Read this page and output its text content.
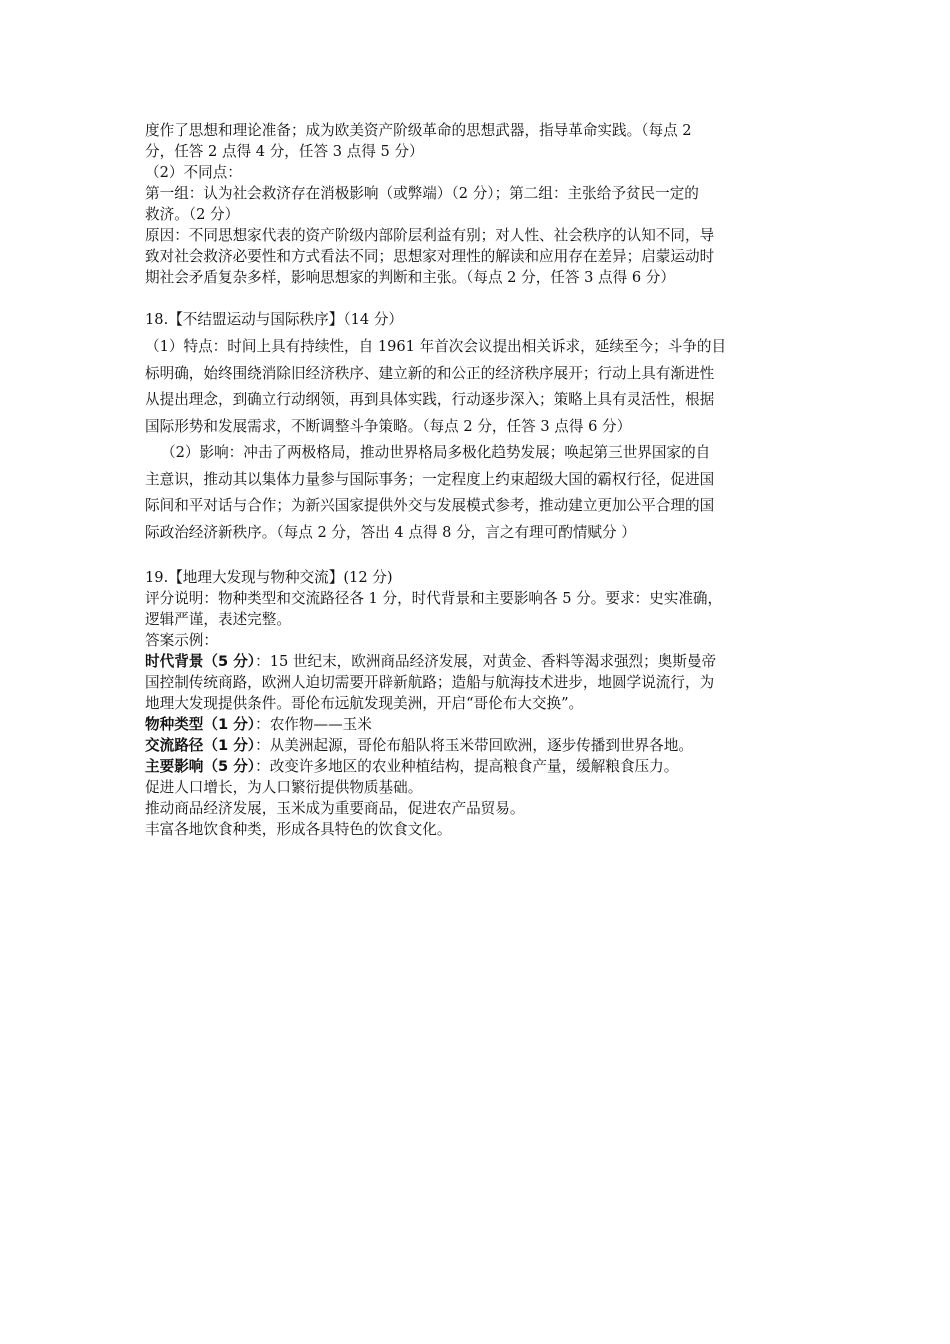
度作了思想和理论准备；成为欧美资产阶级革命的思想武器，指导革命实践。（每点 2
分，任答 2 点得 4 分，任答 3 点得 5 分）
（2）不同点：
第一组：认为社会救济存在消极影响（或弊端）（2 分）；第二组：主张给予贫民一定的
救济。（2 分）
原因：不同思想家代表的资产阶级内部阶层利益有别；对人性、社会秩序的认知不同，导
致对社会救济必要性和方式看法不同；思想家对理性的解读和应用存在差异；启蒙运动时
期社会矛盾复杂多样，影响思想家的判断和主张。（每点 2 分，任答 3 点得 6 分）
18.【不结盟运动与国际秩序】（14 分）
（1）特点：时间上具有持续性，自 1961 年首次会议提出相关诉求，延续至今；斗争的目
标明确，始终围绕消除旧经济秩序、建立新的和公正的经济秩序展开；行动上具有渐进性
从提出理念，到确立行动纲领，再到具体实践，行动逐步深入；策略上具有灵活性，根据
国际形势和发展需求，不断调整斗争策略。（每点 2 分，任答 3 点得 6 分）
（2）影响：冲击了两极格局，推动世界格局多极化趋势发展；唤起第三世界国家的自
主意识，推动其以集体力量参与国际事务；一定程度上约束超级大国的霸权行径，促进国
际间和平对话与合作；为新兴国家提供外交与发展模式参考，推动建立更加公平合理的国
际政治经济新秩序。（每点 2 分，答出 4 点得 8 分，言之有理可酌情赋分 ）
19.【地理大发现与物种交流】(12 分)
评分说明：物种类型和交流路径各 1 分，时代背景和主要影响各 5 分。要求：史实准确，
逻辑严谨，表述完整。
答案示例：
时代背景（5 分）：15 世纪末，欧洲商品经济发展，对黄金、香料等渴求强烈；奥斯曼帝
国控制传统商路，欧洲人迫切需要开辟新航路；造船与航海技术进步，地圆学说流行，为
地理大发现提供条件。哥伦布远航发现美洲，开启“哥伦布大交换”。
物种类型（1 分）：农作物——玉米
交流路径（1 分）：从美洲起源，哥伦布船队将玉米带回欧洲，逐步传播到世界各地。
主要影响（5 分）：改变许多地区的农业种植结构，提高粮食产量，缓解粮食压力。
促进人口增长，为人口繁衍提供物质基础。
推动商品经济发展，玉米成为重要商品，促进农产品贸易。
丰富各地饮食种类，形成各具特色的饮食文化。
